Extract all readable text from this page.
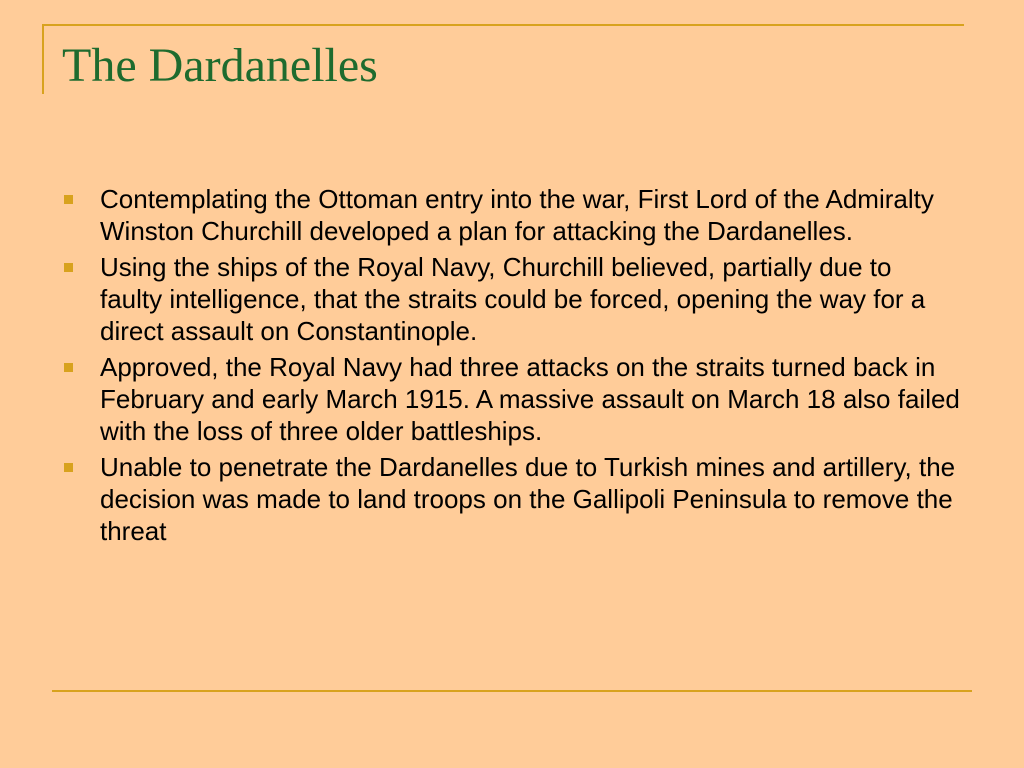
The Dardanelles
Contemplating the Ottoman entry into the war, First Lord of the Admiralty Winston Churchill developed a plan for attacking the Dardanelles.
Using the ships of the Royal Navy, Churchill believed, partially due to faulty intelligence, that the straits could be forced, opening the way for a direct assault on Constantinople.
Approved, the Royal Navy had three attacks on the straits turned back in February and early March 1915. A massive assault on March 18 also failed with the loss of three older battleships.
Unable to penetrate the Dardanelles due to Turkish mines and artillery, the decision was made to land troops on the Gallipoli Peninsula to remove the threat
